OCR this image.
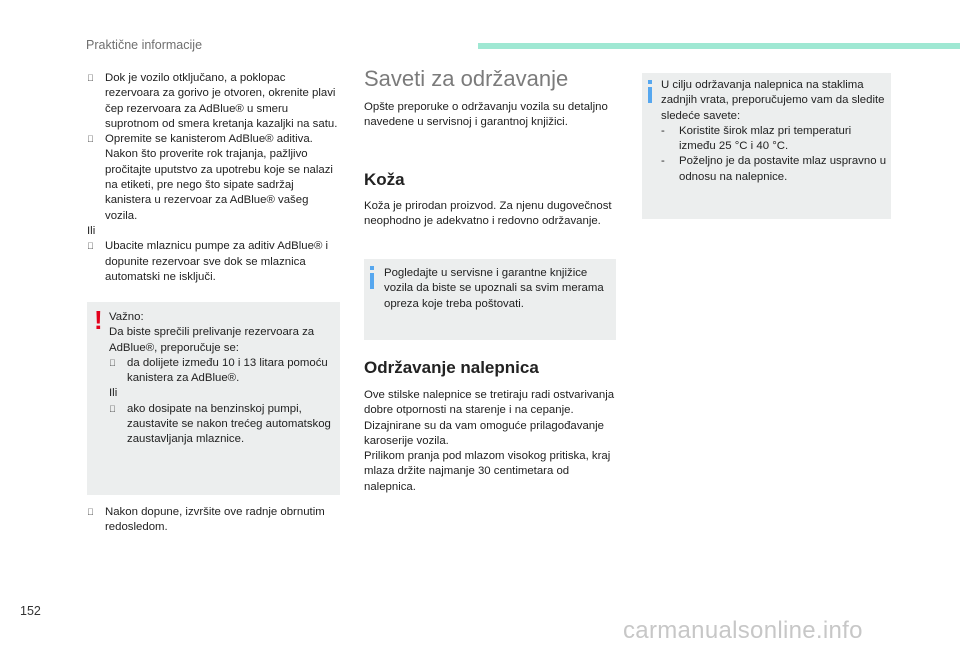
Praktične informacije
Dok je vozilo otključano, a poklopac rezervoara za gorivo je otvoren, okrenite plavi čep rezervoara za AdBlue® u smeru suprotnom od smera kretanja kazaljki na satu.
Opremite se kanisterom AdBlue® aditiva. Nakon što proverite rok trajanja, pažljivo pročitajte uputstvo za upotrebu koje se nalazi na etiketi, pre nego što sipate sadržaj kanistera u rezervoar za AdBlue® vašeg vozila.
Ili
Ubacite mlaznicu pumpe za aditiv AdBlue® i dopunite rezervoar sve dok se mlaznica automatski ne isključi.
! Važno:
Da biste sprečili prelivanje rezervoara za AdBlue®, preporučuje se:
da dolijete između 10 i 13 litara pomoću kanistera za AdBlue®.
Ili
ako dosipate na benzinskoj pumpi, zaustavite se nakon trećeg automatskog zaustavljanja mlaznice.
Nakon dopune, izvršite ove radnje obrnutim redosledom.
Saveti za održavanje
Opšte preporuke o održavanju vozila su detaljno navedene u servisnoj i garantnoj knjižici.
Koža
Koža je prirodan proizvod. Za njenu dugovečnost neophodno je adekvatno i redovno održavanje.
Pogledajte u servisne i garantne knjižice vozila da biste se upoznali sa svim merama opreza koje treba poštovati.
Održavanje nalepnica
Ove stilske nalepnice se tretiraju radi ostvarivanja dobre otpornosti na starenje i na cepanje.
Dizajnirane su da vam omoguće prilagođavanje karoserije vozila.
Prilikom pranja pod mlazom visokog pritiska, kraj mlaza držite najmanje 30 centimetara od nalepnica.
U cilju održavanja nalepnica na staklima zadnjih vrata, preporučujemo vam da sledite sledeće savete:
- Koristite širok mlaz pri temperaturi između 25 °C i 40 °C.
- Poželjno je da postavite mlaz uspravno u odnosu na nalepnice.
152
carmanualsonline.info
